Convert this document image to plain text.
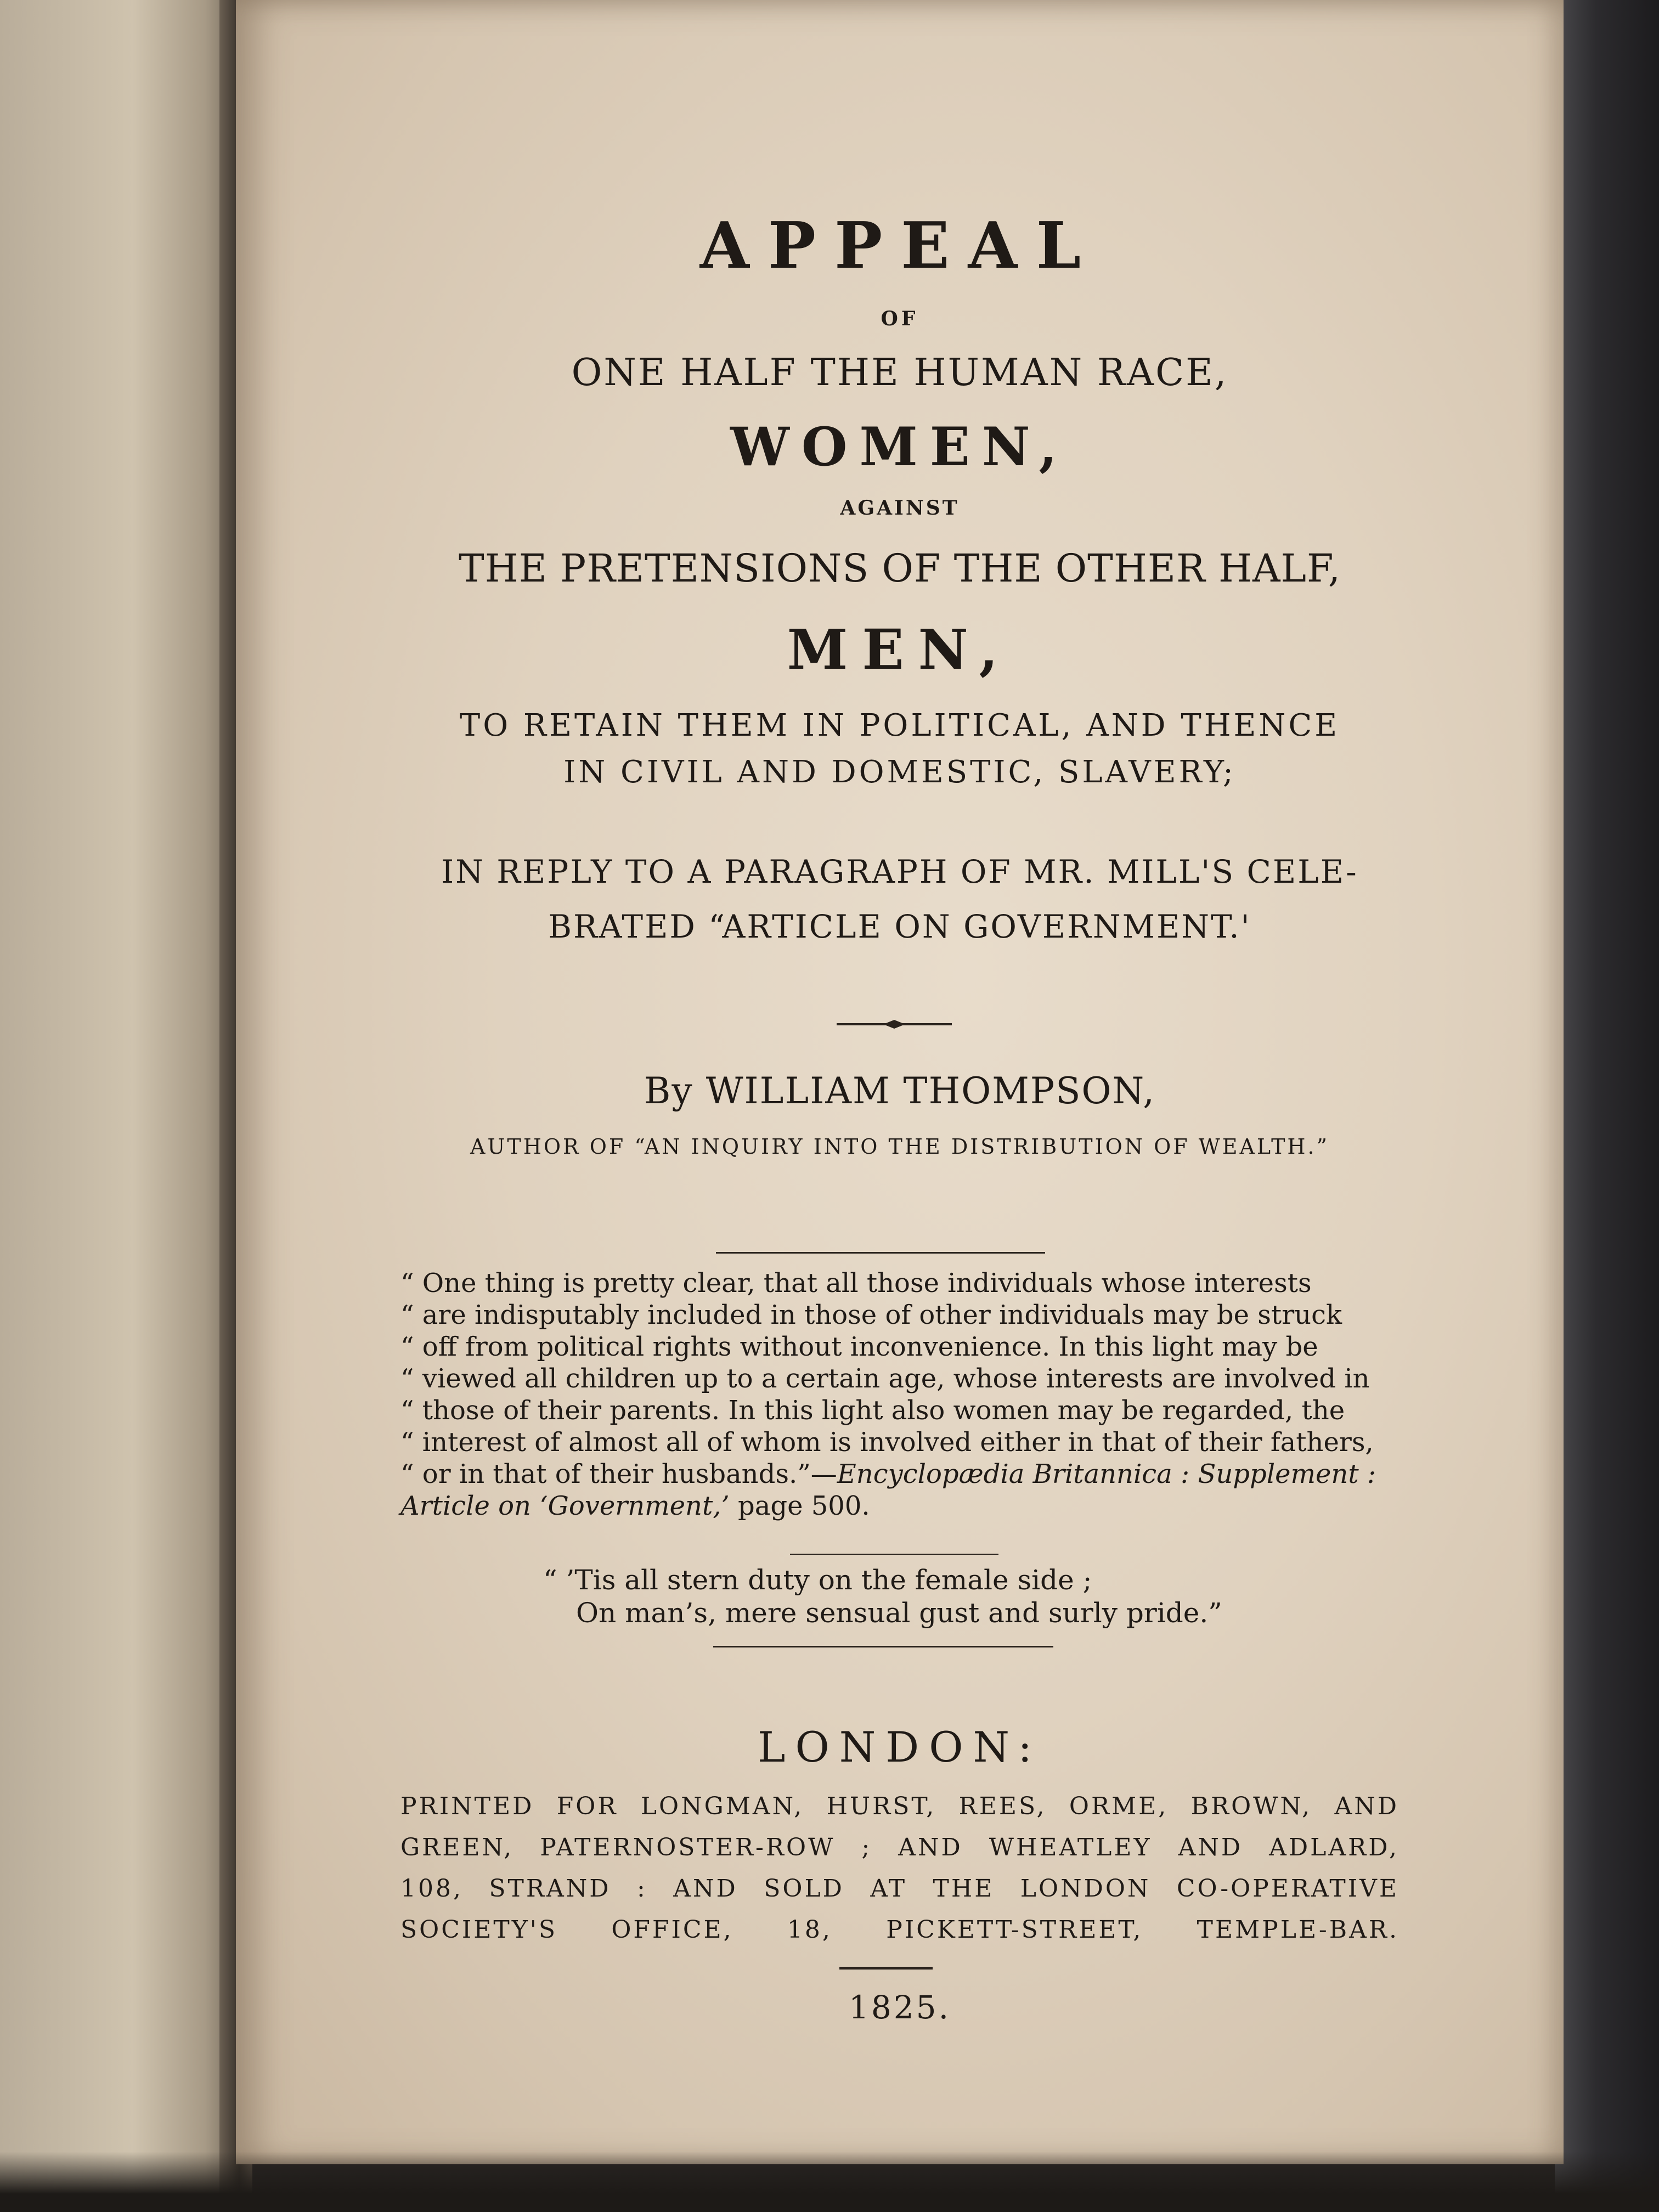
APPEAL

OF

ONE HALF THE HUMAN RACE,

WOMEN,

AGAINST

THE PRETENSIONS OF THE OTHER HALF,

MEN,

TO RETAIN THEM IN POLITICAL, AND THENCE

IN CIVIL AND DOMESTIC, SLAVERY;

IN REPLY TO A PARAGRAPH OF MR. MILL'S CELE-

BRATED “ARTICLE ON GOVERNMENT.'

By WILLIAM THOMPSON,

AUTHOR OF “AN INQUIRY INTO THE DISTRIBUTION OF WEALTH.”

“ One thing is pretty clear, that all those individuals whose interests
“ are indisputably included in those of other individuals may be struck
“ off from political rights without inconvenience. In this light may be
“ viewed all children up to a certain age, whose interests are involved in
“ those of their parents. In this light also women may be regarded, the
“ interest of almost all of whom is involved either in that of their fathers,
“ or in that of their husbands.”—Encyclopædia Britannica : Supplement :
Article on ‘Government,’ page 500.
“ ’Tis all stern duty on the female side ;
On man’s, mere sensual gust and surly pride.”

LONDON:

PRINTED FOR LONGMAN, HURST, REES, ORME, BROWN, AND
GREEN, PATERNOSTER-ROW ; AND WHEATLEY AND ADLARD,
108, STRAND : AND SOLD AT THE LONDON CO-OPERATIVE
SOCIETY'S OFFICE, 18, PICKETT-STREET, TEMPLE-BAR.

1825.
